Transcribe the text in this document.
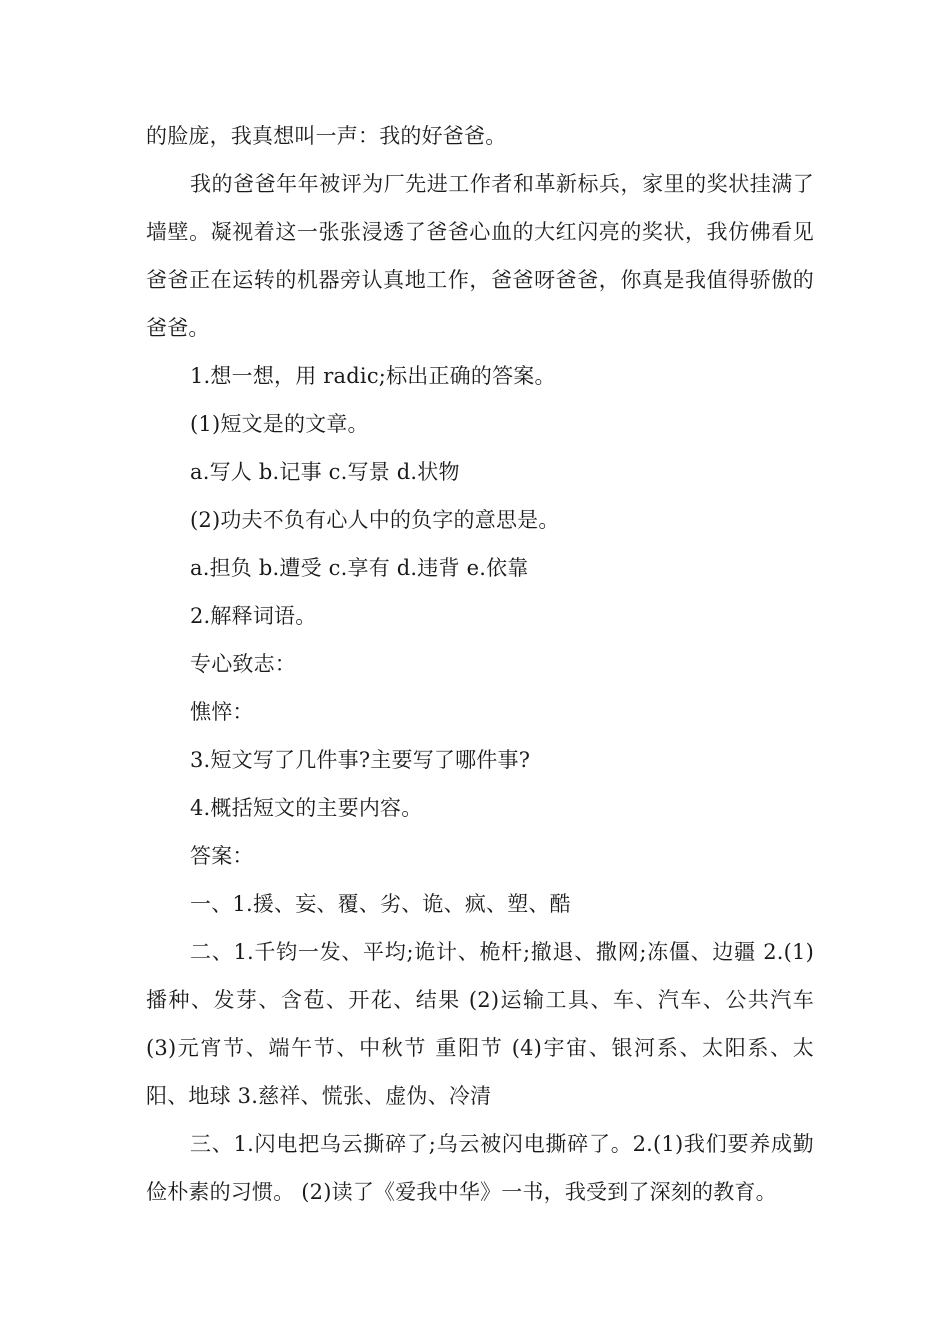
的脸庞，我真想叫一声：我的好爸爸。

我的爸爸年年被评为厂先进工作者和革新标兵，家里的奖状挂满了墙壁。凝视着这一张张浸透了爸爸心血的大红闪亮的奖状，我仿佛看见爸爸正在运转的机器旁认真地工作，爸爸呀爸爸，你真是我值得骄傲的爸爸。

1.想一想，用 radic;标出正确的答案。

(1)短文是的文章。

a.写人 b.记事 c.写景 d.状物

(2)功夫不负有心人中的负字的意思是。

a.担负 b.遭受 c.享有 d.违背 e.依靠

2.解释词语。

专心致志：

憔悴：

3.短文写了几件事?主要写了哪件事?

4.概括短文的主要内容。

答案：

一、1.援、妄、覆、劣、诡、疯、塑、酷

二、1.千钧一发、平均;诡计、桅杆;撤退、撒网;冻僵、边疆 2.(1)播种、发芽、含苞、开花、结果 (2)运输工具、车、汽车、公共汽车 (3)元宵节、端午节、中秋节 重阳节 (4)宇宙、银河系、太阳系、太阳、地球 3.慈祥、慌张、虚伪、冷清

三、1.闪电把乌云撕碎了;乌云被闪电撕碎了。2.(1)我们要养成勤俭朴素的习惯。 (2)读了《爱我中华》一书，我受到了深刻的教育。
